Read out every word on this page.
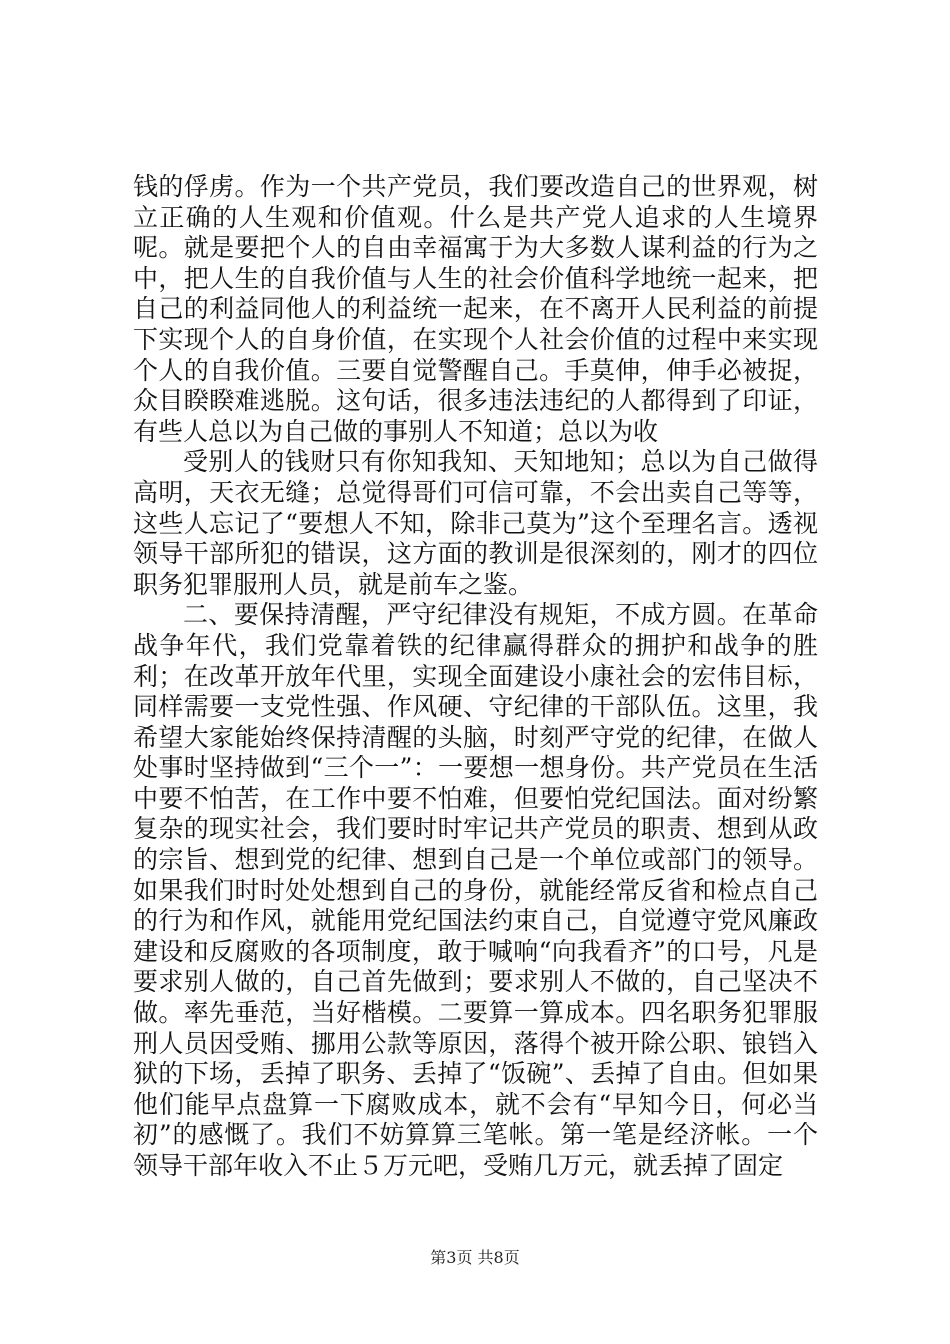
钱的俘虏。作为一个共产党员，我们要改造自己的世界观，树立正确的人生观和价值观。什么是共产党人追求的人生境界呢。就是要把个人的自由幸福寓于为大多数人谋利益的行为之中，把人生的自我价值与人生的社会价值科学地统一起来，把自己的利益同他人的利益统一起来，在不离开人民利益的前提下实现个人的自身价值，在实现个人社会价值的过程中来实现个人的自我价值。三要自觉警醒自己。手莫伸，伸手必被捉，众目睽睽难逃脱。这句话，很多违法违纪的人都得到了印证，有些人总以为自己做的事别人不知道；总以为收

受别人的钱财只有你知我知、天知地知；总以为自己做得高明，天衣无缝；总觉得哥们可信可靠，不会出卖自己等等，这些人忘记了“要想人不知，除非己莫为”这个至理名言。透视领导干部所犯的错误，这方面的教训是很深刻的，刚才的四位职务犯罪服刑人员，就是前车之鉴。

二、要保持清醒，严守纪律没有规矩，不成方圆。在革命战争年代，我们党靠着铁的纪律赢得群众的拥护和战争的胜利；在改革开放年代里，实现全面建设小康社会的宏伟目标，同样需要一支党性强、作风硬、守纪律的干部队伍。这里，我希望大家能始终保持清醒的头脑，时刻严守党的纪律，在做人处事时坚持做到“三个一”：一要想一想身份。共产党员在生活中要不怕苦，在工作中要不怕难，但要怕党纪国法。面对纷繁复杂的现实社会，我们要时时牢记共产党员的职责、想到从政的宗旨、想到党的纪律、想到自己是一个单位或部门的领导。如果我们时时处处想到自己的身份，就能经常反省和检点自己的行为和作风，就能用党纪国法约束自己，自觉遵守党风廉政建设和反腐败的各项制度，敢于喊响“向我看齐”的口号，凡是要求别人做的，自己首先做到；要求别人不做的，自己坚决不做。率先垂范，当好楷模。二要算一算成本。四名职务犯罪服刑人员因受贿、挪用公款等原因，落得个被开除公职、锒铛入狱的下场，丢掉了职务、丢掉了“饭碗”、丢掉了自由。但如果他们能早点盘算一下腐败成本，就不会有“早知今日，何必当初”的感慨了。我们不妨算算三笔帐。第一笔是经济帐。一个领导干部年收入不止５万元吧，受贿几万元，就丢掉了固定

第3页 共8页
